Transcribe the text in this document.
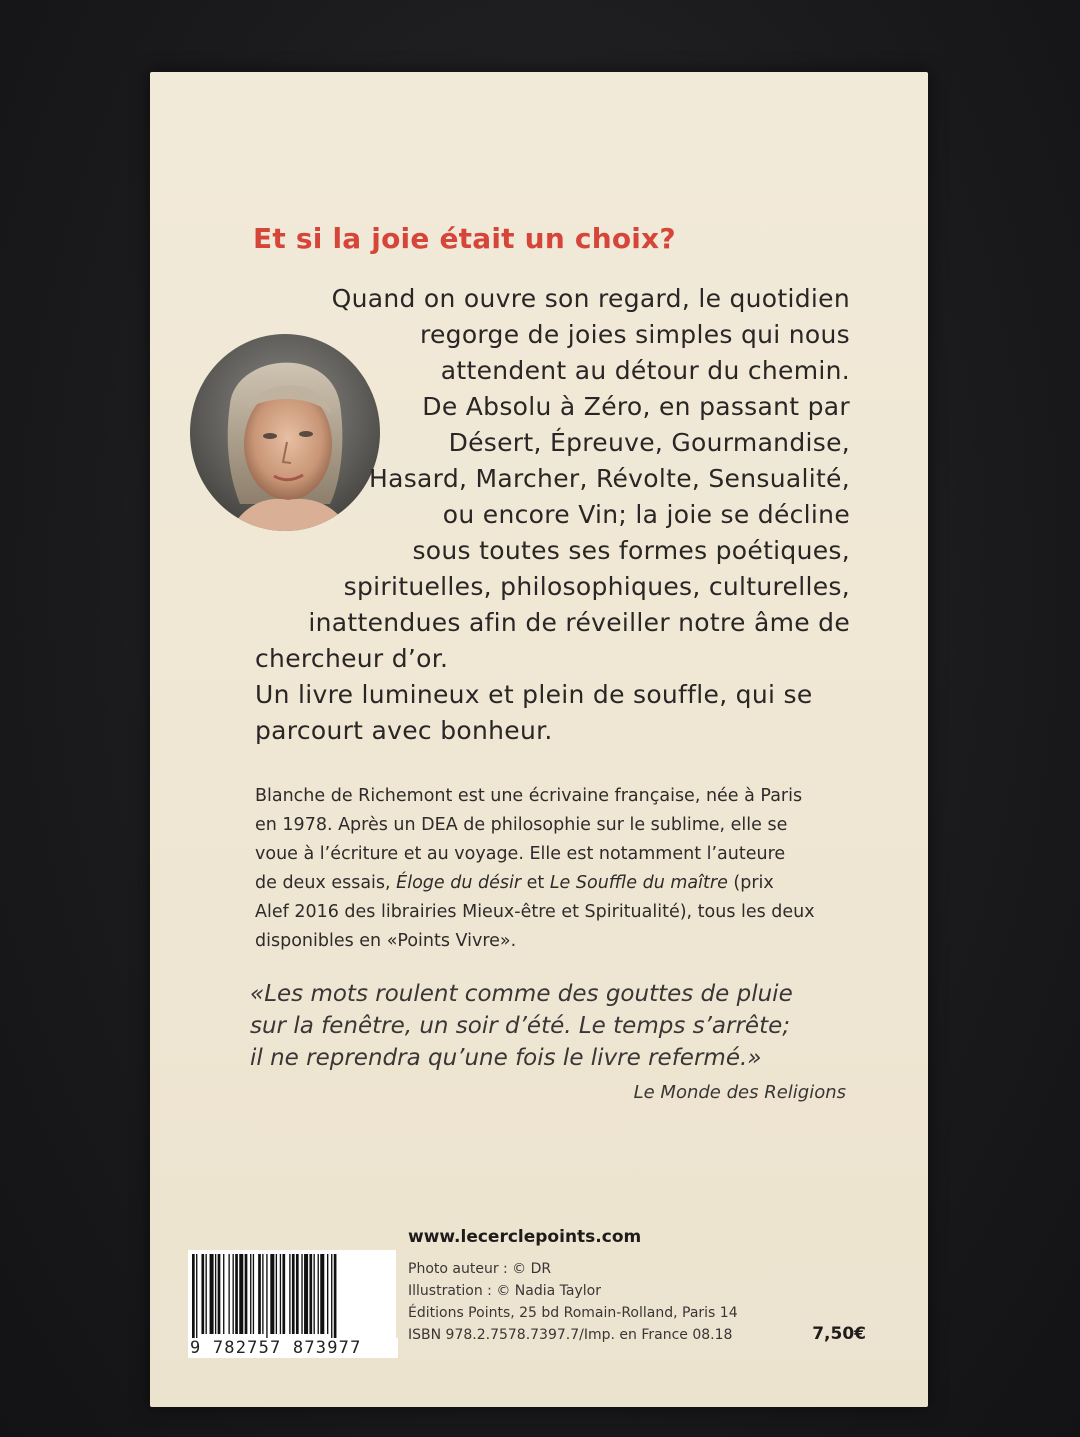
Et si la joie était un choix?
Quand on ouvre son regard, le quotidien
regorge de joies simples qui nous
attendent au détour du chemin.
De Absolu à Zéro, en passant par
Désert, Épreuve, Gourmandise,
Hasard, Marcher, Révolte, Sensualité,
ou encore Vin; la joie se décline
sous toutes ses formes poétiques,
spirituelles, philosophiques, culturelles,
inattendues afin de réveiller notre âme de
chercheur d’or.
Un livre lumineux et plein de souffle, qui se
parcourt avec bonheur.
Blanche de Richemont est une écrivaine française, née à Paris
en 1978. Après un DEA de philosophie sur le sublime, elle se
voue à l’écriture et au voyage. Elle est notamment l’auteure
de deux essais, Éloge du désir et Le Souffle du maître (prix
Alef 2016 des librairies Mieux-être et Spiritualité), tous les deux
disponibles en «Points Vivre».
«Les mots roulent comme des gouttes de pluie
sur la fenêtre, un soir d’été. Le temps s’arrête;
il ne reprendra qu’une fois le livre refermé.»
Le Monde des Religions
9 782757 873977
www.lecerclepoints.com
Photo auteur : © DR
Illustration : © Nadia Taylor
Éditions Points, 25 bd Romain-Rolland, Paris 14
ISBN 978.2.7578.7397.7/Imp. en France 08.18	7,50€
